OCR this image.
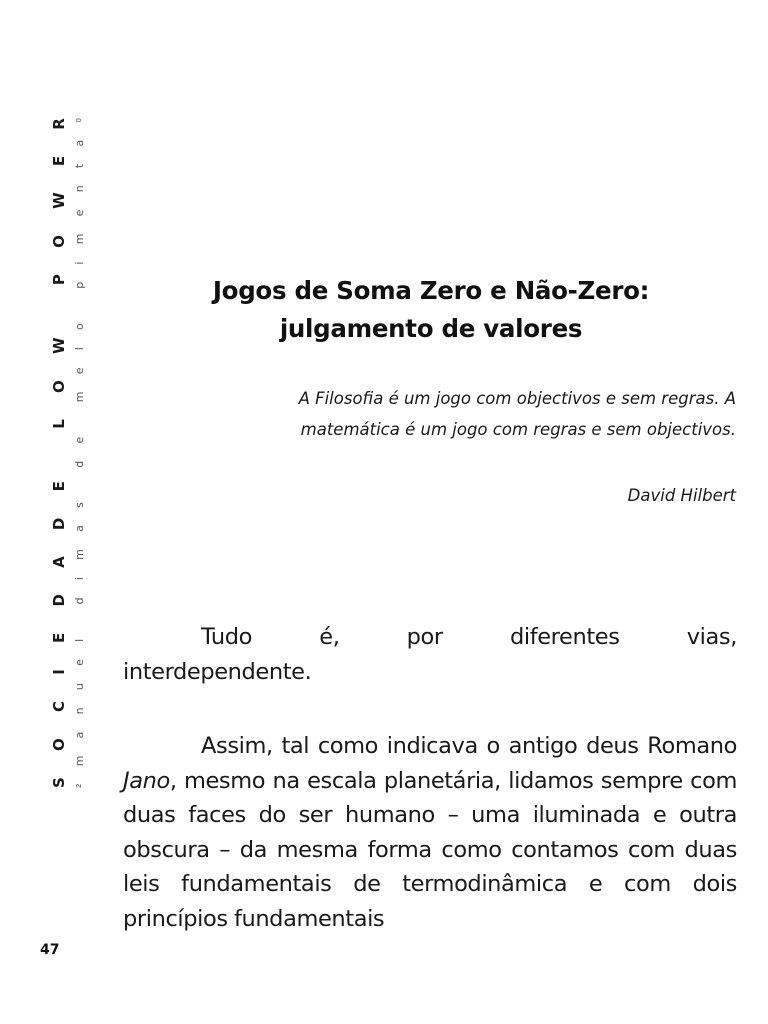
S
O
C
I
E
D
A
D
E
L
O
W
P
O
W
E
R
2
m
a
n
u
e
l
d
i
m
a
s
d
e
m
e
l
o
p
i
m
e
n
t
a
0
Jogos de Soma Zero e Não-Zero:
julgamento de valores
A Filosofia é um jogo com objectivos e sem regras. A
matemática é um jogo com regras e sem objectivos.
David Hilbert
Tudo	é,	por	diferentes	vias,
interdependente.
Assim, tal como indicava o antigo deus Romano Jano, mesmo na escala planetária, lidamos sempre com duas faces do ser humano – uma iluminada e outra obscura – da mesma forma como contamos com duas leis fundamentais de termodinâmica e com dois princípios fundamentais
47
